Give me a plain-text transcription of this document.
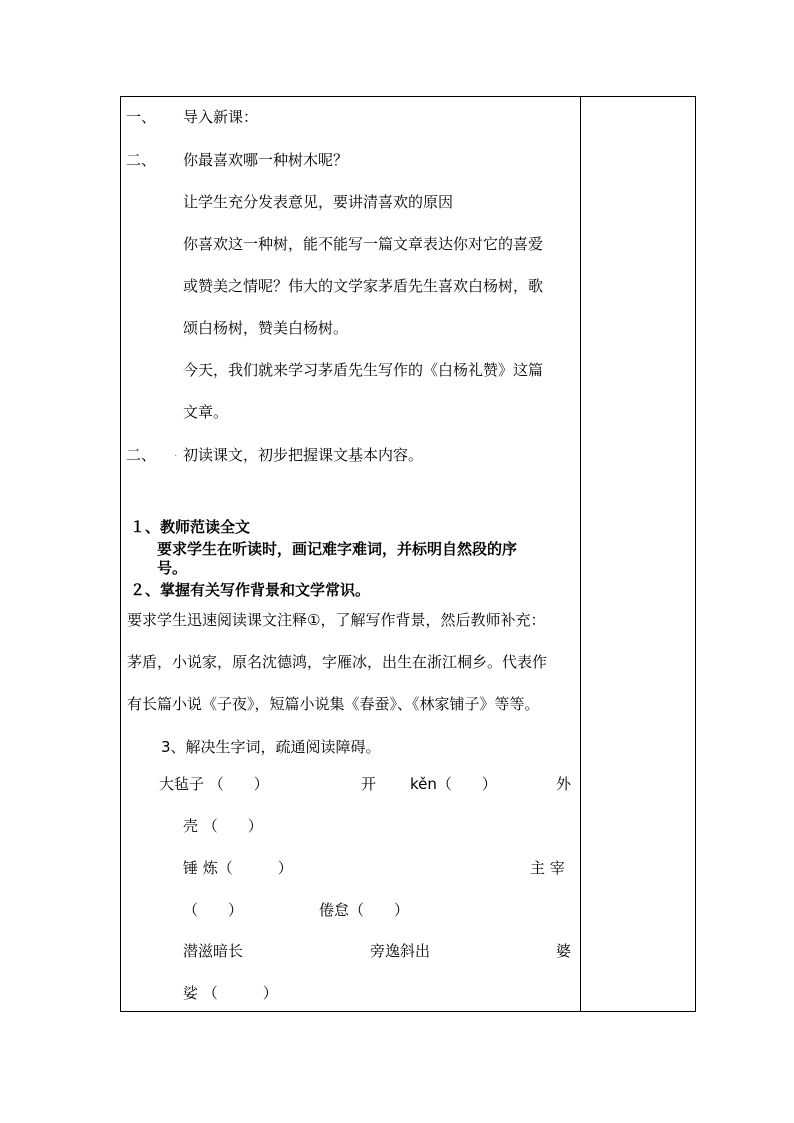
一、 导入新课：
二、 你最喜欢哪一种树木呢？
让学生充分发表意见，要讲清喜欢的原因
你喜欢这一种树，能不能写一篇文章表达你对它的喜爱
或赞美之情呢？伟大的文学家茅盾先生喜欢白杨树，歌
颂白杨树，赞美白杨树。
今天，我们就来学习茅盾先生写作的《白杨礼赞》这篇
文章。
二、 · 初读课文，初步把握课文基本内容。
１、教师范读全文
要求学生在听读时，画记难字难词，并标明自然段的序
号。
２、掌握有关写作背景和文学常识。
要求学生迅速阅读课文注释①，了解写作背景，然后教师补充：
茅盾，小说家，原名沈德鸿，字雁冰，出生在浙江桐乡。代表作
有长篇小说《子夜》，短篇小说集《春蚕》、《林家铺子》等等。
3、解决生字词，疏通阅读障碍。
大毡子 （　　）	开 kěn（　　）	外
壳 （　　）
锤 炼（　　　）	主 宰
（　　）	倦怠（　　）
潜滋暗长	旁逸斜出	婆
娑 （　　　）
